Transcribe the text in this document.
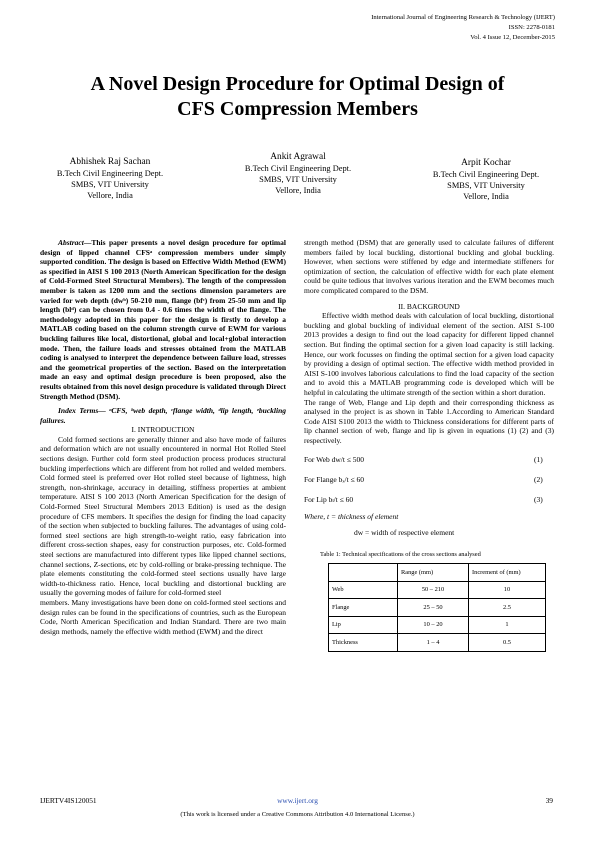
International Journal of Engineering Research & Technology (IJERT)
ISSN: 2278-0181
Vol. 4 Issue 12, December-2015
A Novel Design Procedure for Optimal Design of
CFS Compression Members
Abhishek Raj Sachan
B.Tech Civil Engineering Dept.
SMBS, VIT University
Vellore, India
Ankit Agrawal
B.Tech Civil Engineering Dept.
SMBS, VIT University
Vellore, India
Arpit Kochar
B.Tech Civil Engineering Dept.
SMBS, VIT University
Vellore, India

Abstract—This paper presents a novel design procedure for optimal design of lipped channel CFSᵃ compression members under simply supported condition. The design is based on Effective Width Method (EWM) as specified in AISI S 100 2013 (North American Specification for the design of Cold-Formed Steel Structural Members). The length of the compression member is taken as 1200 mm and the sections dimension parameters are varied for web depth (dwᵇ) 50-210 mm, flange (bfᶜ) from 25-50 mm and lip length (blᵈ) can be chosen from 0.4 - 0.6 times the width of the flange. The methodology adopted in this paper for the design is firstly to develop a MATLAB coding based on the column strength curve of EWM for various buckling failures like local, distortional, global and local+global interaction mode. Then, the failure loads and stresses obtained from the MATLAB coding is analysed to interpret the dependence between failure load, stresses and the geometrical properties of the section. Based on the interpretation made an easy and optimal design procedure is been proposed, also the results obtained from this novel design procedure is validated through Direct Strength Method (DSM).

Index Terms— ᵃCFS, ᵇweb depth, ᶜflange width, ᵈlip length, ᵉbuckling failures.

I. INTRODUCTION

Cold formed sections are generally thinner and also have mode of failures and deformation which are not usually encountered in normal Hot Rolled Steel sections design. Further cold form steel production process produces structural buckling imperfections which are different from hot rolled and welded members. Cold formed steel is preferred over Hot rolled steel because of lightness, high strength, non-shrinkage, accuracy in detailing, stiffness properties at ambient temperature. AISI S 100 2013 (North American Specification for the design of Cold-Formed Steel Structural Members 2013 Edition) is used as the design procedure of CFS members. It specifies the design for finding the load capacity of the section when subjected to buckling failures. The advantages of using cold-formed steel sections are high strength-to-weight ratio, easy fabrication into different cross-section shapes, easy for construction purposes, etc. Cold-formed steel sections are manufactured into different types like lipped channel sections, channel sections, Z-sections, etc by cold-rolling or brake-pressing technique. The plate elements constituting the cold-formed steel sections usually have large width-to-thickness ratio. Hence, local buckling and distortional buckling are usually the governing modes of failure for cold-formed steel

members. Many investigations have been done on cold-formed steel sections and design rules can be found in the specifications of countries, such as the European Code, North American Specification and Indian Standard. There are two main design methods, namely the effective width method (EWM) and the direct

strength method (DSM) that are generally used to calculate failures of different members failed by local buckling, distortional buckling and global buckling. However, when sections were stiffened by edge and intermediate stiffeners for optimization of section, the calculation of effective width for each plate element could be quite tedious that involves various iteration and the EWM becomes much more complicated compared to the DSM.

II. BACKGROUND

Effective width method deals with calculation of local buckling, distortional buckling and global buckling of individual element of the section. AISI S-100 2013 provides a design to find out the load capacity for different lipped channel section. But finding the optimal section for a given load capacity is still lacking. Hence, our work focusses on finding the optimal section for a given load capacity by providing a design of optimal section. The effective width method provided in AISI S-100 involves laborious calculations to find the load capacity of the section and to avoid this a MATLAB programming code is developed which will be helpful in calculating the ultimate strength of the section within a short duration.

The range of Web, Flange and Lip depth and their corresponding thickness as analysed in the project is as shown in Table 1.According to American Standard Code AISI S100 2013 the width to Thickness considerations for different parts of lip channel section of web, flange and lip is given in equations (1) (2) and (3) respectively.

For Web dw/t ≤ 500	(1)
For Flange bₓ/t ≤ 60	(2)
For Lip bₗ/t ≤ 60	(3)

Where, t = thickness of element

dw = width of respective element

Table 1: Technical specifications of the cross sections analysed

	Range (mm)	Increment of (mm)
Web	50 – 210	10
Flange	25 – 50	2.5
Lip	10 – 20	1
Thickness	1 – 4	0.5
IJERTV4IS120051	www.ijert.org	39
(This work is licensed under a Creative Commons Attribution 4.0 International License.)
